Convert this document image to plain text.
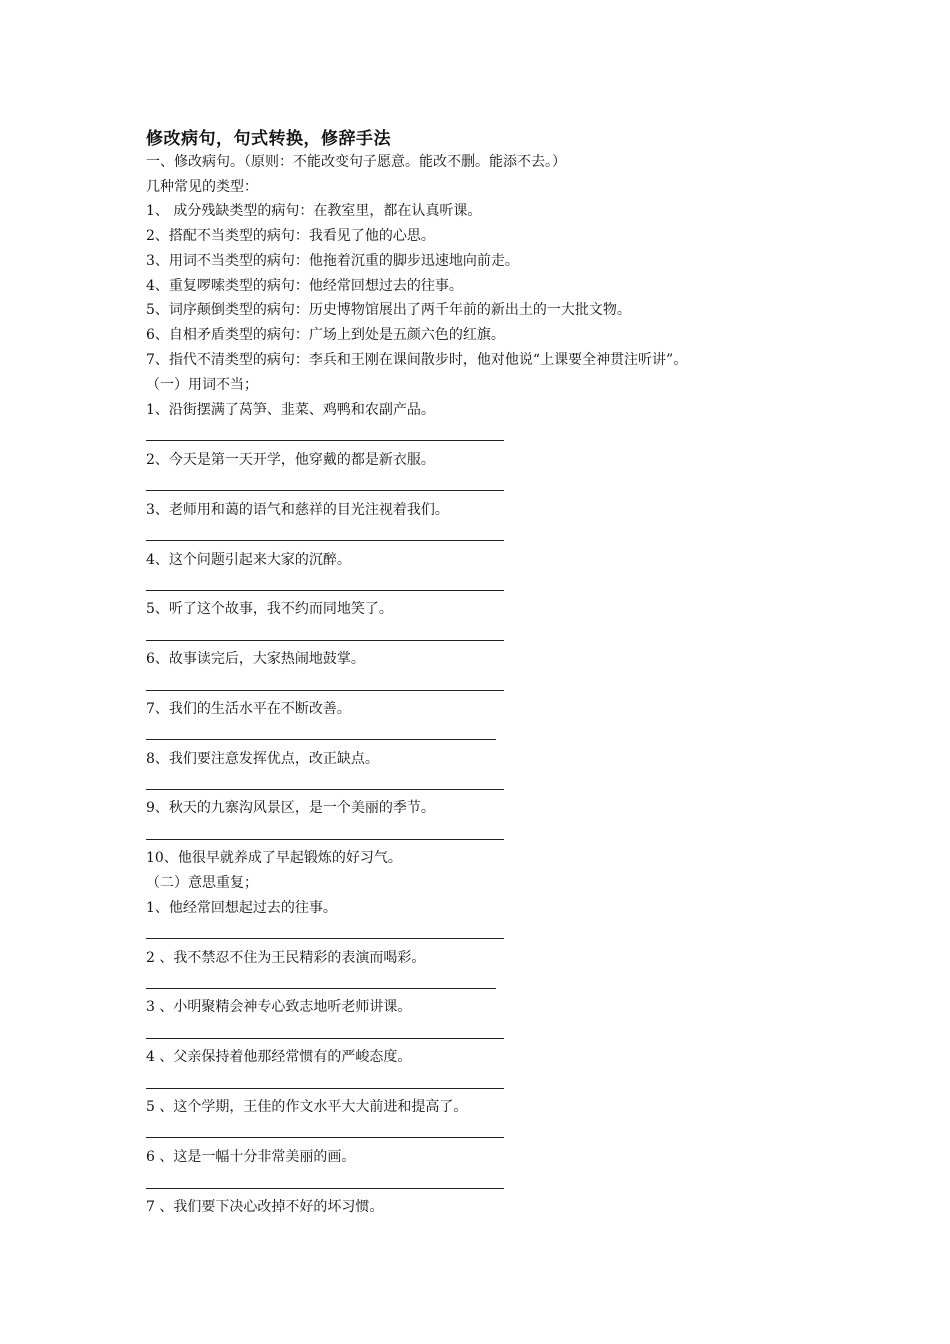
修改病句，句式转换，修辞手法
一、修改病句。（原则：不能改变句子愿意。能改不删。能添不去。）
几种常见的类型：
1、 成分残缺类型的病句：在教室里，都在认真听课。
2、搭配不当类型的病句：我看见了他的心思。
3、用词不当类型的病句：他拖着沉重的脚步迅速地向前走。
4、重复啰嗦类型的病句：他经常回想过去的往事。
5、词序颠倒类型的病句：历史博物馆展出了两千年前的新出土的一大批文物。
6、自相矛盾类型的病句：广场上到处是五颜六色的红旗。
7、指代不清类型的病句：李兵和王刚在课间散步时，他对他说“上课要全神贯注听讲”。
（一）用词不当；
1、沿街摆满了莴笋、韭菜、鸡鸭和农副产品。
2、今天是第一天开学，他穿戴的都是新衣服。
3、老师用和蔼的语气和慈祥的目光注视着我们。
4、这个问题引起来大家的沉醉。
5、听了这个故事，我不约而同地笑了。
6、故事读完后，大家热闹地鼓掌。
7、我们的生活水平在不断改善。
8、我们要注意发挥优点，改正缺点。
9、秋天的九寨沟风景区，是一个美丽的季节。
10、他很早就养成了早起锻炼的好习气。
（二）意思重复；
1、他经常回想起过去的往事。
2 、我不禁忍不住为王民精彩的表演而喝彩。
3 、小明聚精会神专心致志地听老师讲课。
4 、父亲保持着他那经常惯有的严峻态度。
5 、这个学期，王佳的作文水平大大前进和提高了。
6 、这是一幅十分非常美丽的画。
7 、我们要下决心改掉不好的坏习惯。
